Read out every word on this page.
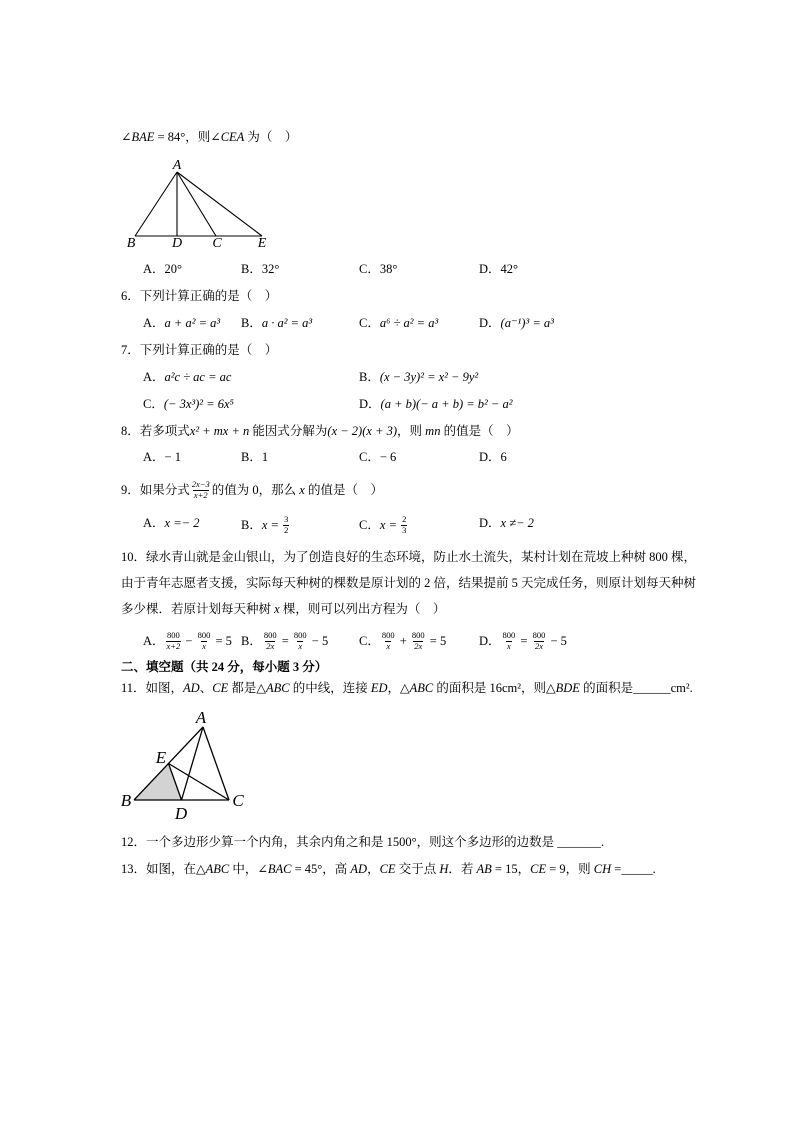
∠ BAE = 84°，则∠ CEA 为（    ）
A
B	D C	E
A． 20°	B． 32°	C． 38°	D． 42°
6．下列计算正确的是（    ）
A． a + a² = a³ B． a · a² = a³	C． a⁶ ÷ a² = a³	D． (a⁻¹)³ = a³
7．下列计算正确的是（    ）
A． a²c ÷ ac = ac	B． (x − 3y)² = x² − 9y²
C． (− 3x³)² = 6x⁵	D． (a + b)(− a + b) = b² − a²
8．若多项式 x² + mx + n 能因式分解为 (x − 2)(x + 3) ，则 mn 的值是（    ）
A． − 1	B． 1	C． − 6	D． 6
9．如果分式 $\frac{2x-3}{x+2}$ 的值为 0，那么 x 的值是（    ）
A． x =− 2	B． $x = \frac{3}{2}$	C． $x = \frac{2}{3}$	D． x ≠− 2
10．绿水青山就是金山银山，为了创造良好的生态环境，防止水土流失，某村计划在荒坡上种树 800 棵，
由于青年志愿者支援，实际每天种树的棵数是原计划的 2 倍，结果提前 5 天完成任务，则原计划每天种树
多少棵．若原计划每天种树 x 棵，则可以列出方程为（    ）
A． $\frac{800}{x+2} - \frac{800}{x} = 5$ B． $\frac{800}{2x} = \frac{800}{x} - 5$ C． $\frac{800}{x} + \frac{800}{2x} = 5$	D． $\frac{800}{x} = \frac{800}{2x} - 5$
二、填空题（共 24 分，每小题 3 分）
11．如图， AD 、 CE 都是△ ABC 的中线，连接 ED ，△ ABC 的面积是 16cm²，则△ BDE 的面积是______cm².
A
E
B
D
C
12．一个多边形少算一个内角，其余内角之和是 1500°，则这个多边形的边数是 _______.
13．如图，在△ ABC 中， ∠BAC = 45°，高 AD ， CE 交于点 H ．若 AB = 15， CE = 9，则 CH =_____.
